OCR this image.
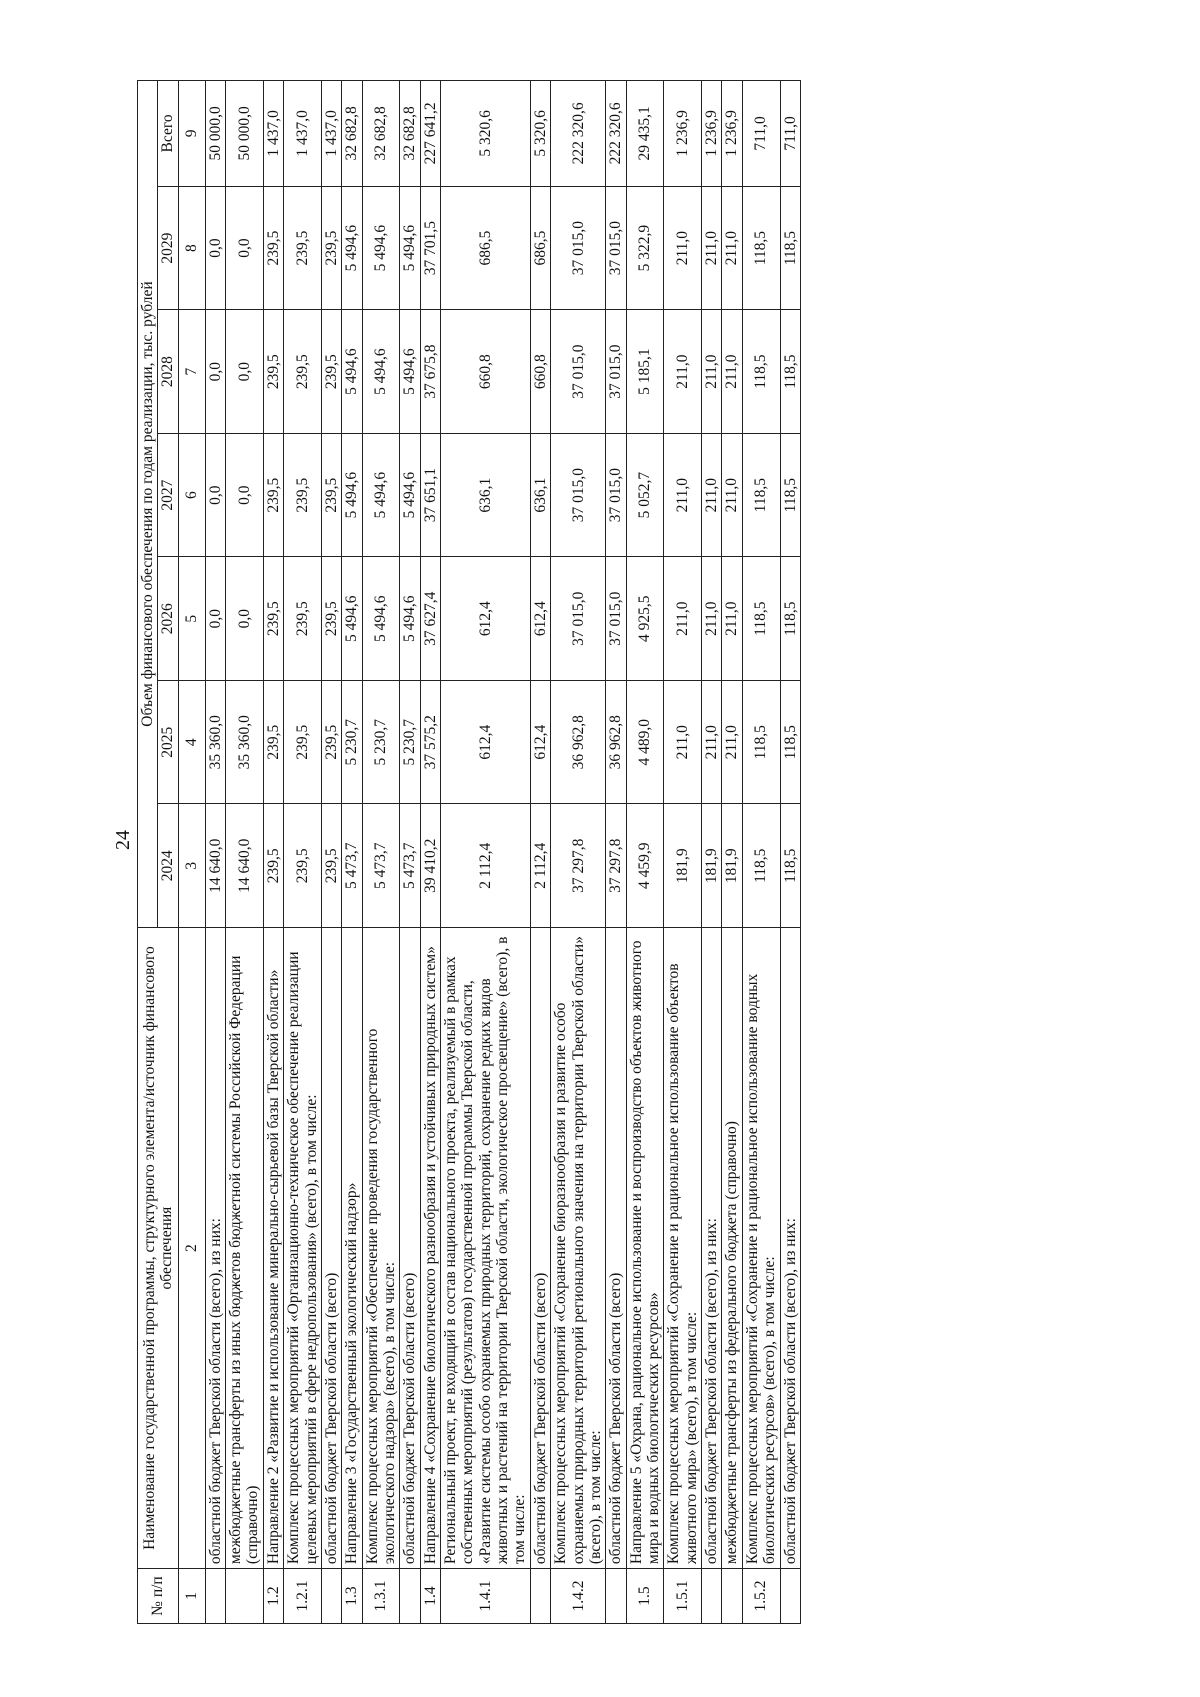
24
№ п/п	Наименование государственной программы, структурного элемента/источник финансового обеспечения	Объем финансового обеспечения по годам реализации, тыс. рублей						
		2024	2025	2026	2027	2028	2029	Всего
1	2	3	4	5	6	7	8	9
	областной бюджет Тверской области (всего), из них:	14 640,0	35 360,0	0,0	0,0	0,0	0,0	50 000,0
	межбюджетные трансферты из иных бюджетов бюджетной системы Российской Федерации (справочно)	14 640,0	35 360,0	0,0	0,0	0,0	0,0	50 000,0
1.2	Направление 2 «Развитие и использование минерально-сырьевой базы Тверской области»	239,5	239,5	239,5	239,5	239,5	239,5	1 437,0
1.2.1	Комплекс процессных мероприятий «Организационно-техническое обеспечение реализации целевых мероприятий в сфере недропользования» (всего), в том числе:	239,5	239,5	239,5	239,5	239,5	239,5	1 437,0
	областной бюджет Тверской области (всего)	239,5	239,5	239,5	239,5	239,5	239,5	1 437,0
1.3	Направление 3 «Государственный экологический надзор»	5 473,7	5 230,7	5 494,6	5 494,6	5 494,6	5 494,6	32 682,8
1.3.1	Комплекс процессных мероприятий «Обеспечение проведения государственного экологического надзора» (всего), в том числе:	5 473,7	5 230,7	5 494,6	5 494,6	5 494,6	5 494,6	32 682,8
	областной бюджет Тверской области (всего)	5 473,7	5 230,7	5 494,6	5 494,6	5 494,6	5 494,6	32 682,8
1.4	Направление 4 «Сохранение биологического разнообразия и устойчивых природных систем»	39 410,2	37 575,2	37 627,4	37 651,1	37 675,8	37 701,5	227 641,2
1.4.1	Региональный проект, не входящий в состав национального проекта, реализуемый в рамках собственных мероприятий (результатов) государственной программы Тверской области, «Развитие системы особо охраняемых природных территорий, сохранение редких видов животных и растений на территории Тверской области, экологическое просвещение» (всего), в том числе:	2 112,4	612,4	612,4	636,1	660,8	686,5	5 320,6
	областной бюджет Тверской области (всего)	2 112,4	612,4	612,4	636,1	660,8	686,5	5 320,6
1.4.2	Комплекс процессных мероприятий «Сохранение биоразнообразия и развитие особо охраняемых природных территорий регионального значения на территории Тверской области» (всего), в том числе:	37 297,8	36 962,8	37 015,0	37 015,0	37 015,0	37 015,0	222 320,6
	областной бюджет Тверской области (всего)	37 297,8	36 962,8	37 015,0	37 015,0	37 015,0	37 015,0	222 320,6
1.5	Направление 5 «Охрана, рациональное использование и воспроизводство объектов животного мира и водных биологических ресурсов»	4 459,9	4 489,0	4 925,5	5 052,7	5 185,1	5 322,9	29 435,1
1.5.1	Комплекс процессных мероприятий «Сохранение и рациональное использование объектов животного мира» (всего), в том числе:	181,9	211,0	211,0	211,0	211,0	211,0	1 236,9
	областной бюджет Тверской области (всего), из них:	181,9	211,0	211,0	211,0	211,0	211,0	1 236,9
	межбюджетные трансферты из федерального бюджета (справочно)	181,9	211,0	211,0	211,0	211,0	211,0	1 236,9
1.5.2	Комплекс процессных мероприятий «Сохранение и рациональное использование водных биологических ресурсов» (всего), в том числе:	118,5	118,5	118,5	118,5	118,5	118,5	711,0
	областной бюджет Тверской области (всего), из них:	118,5	118,5	118,5	118,5	118,5	118,5	711,0
